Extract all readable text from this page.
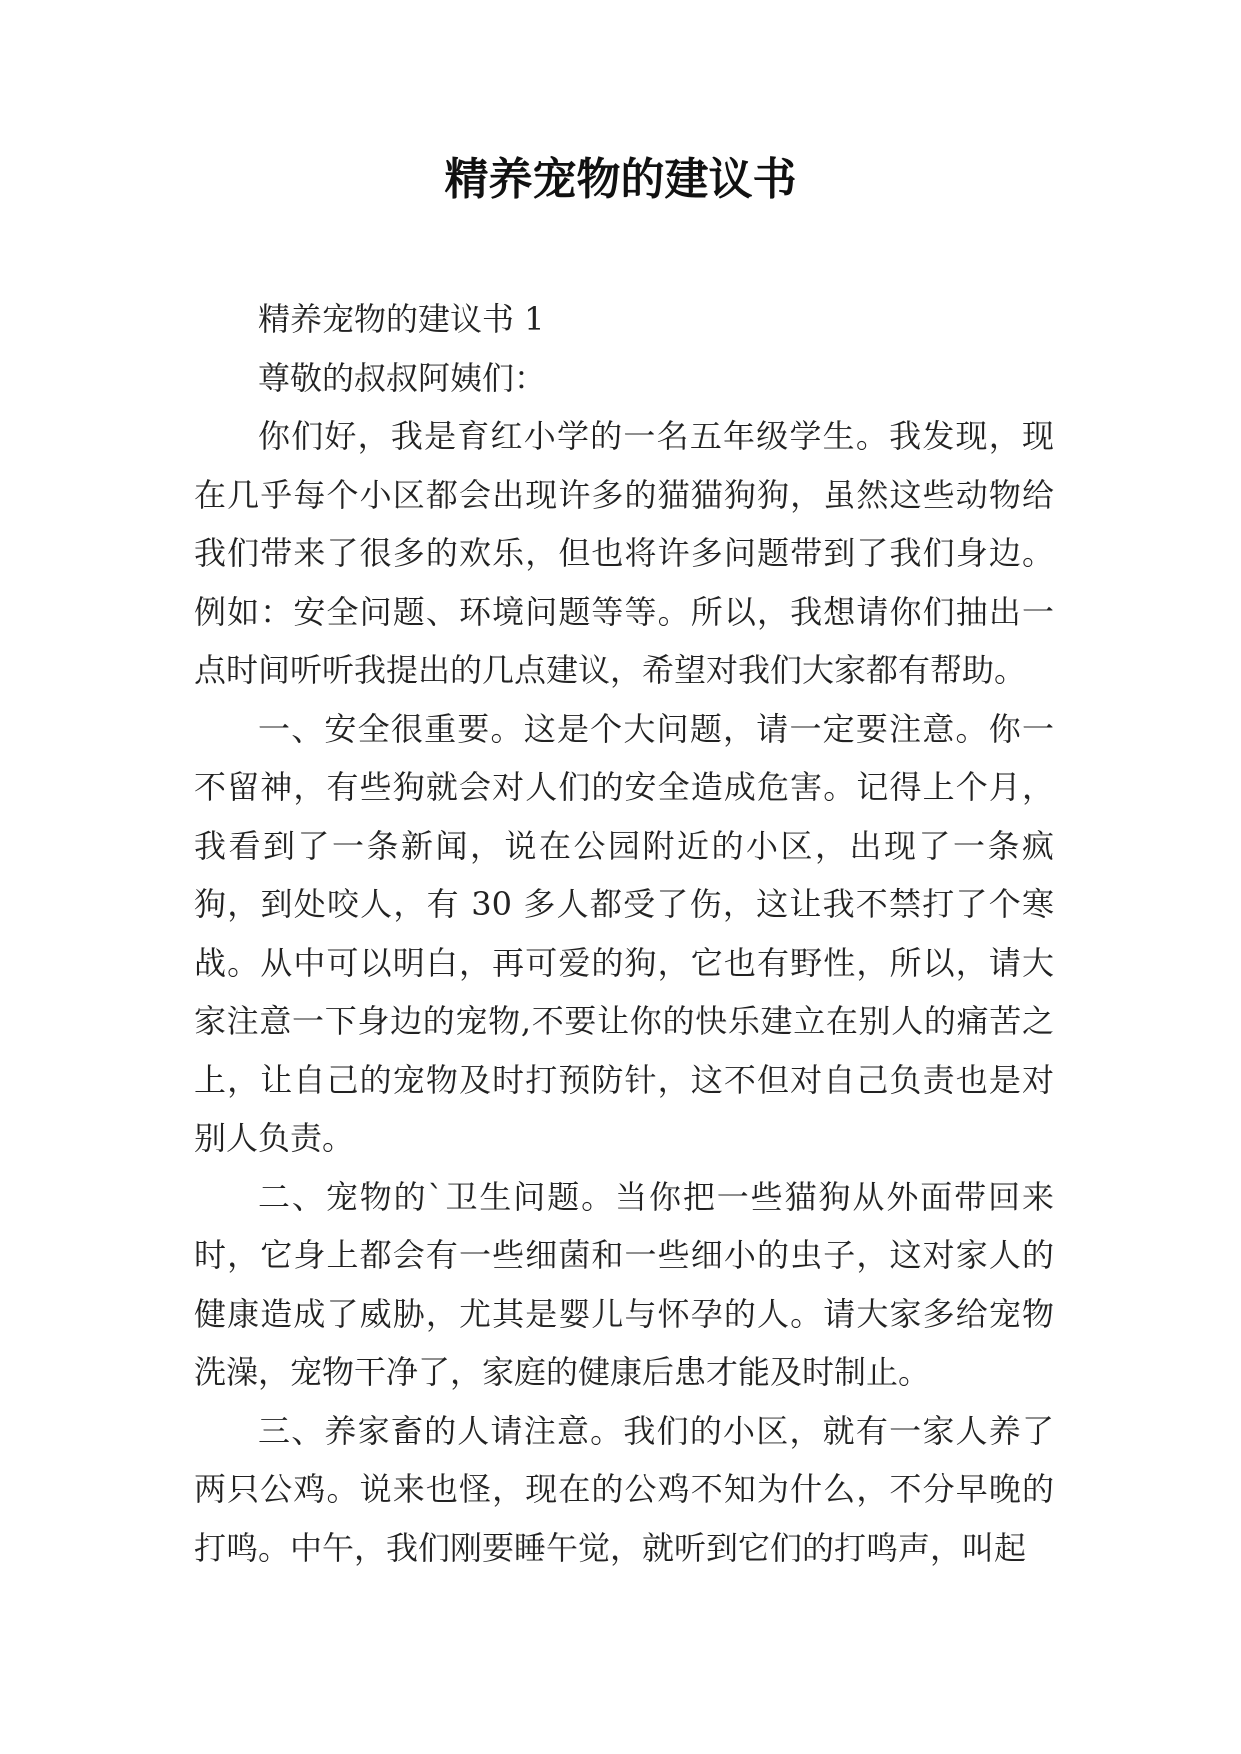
精养宠物的建议书

精养宠物的建议书 1

尊敬的叔叔阿姨们：

你们好，我是育红小学的一名五年级学生。我发现，现在几乎每个小区都会出现许多的猫猫狗狗，虽然这些动物给我们带来了很多的欢乐，但也将许多问题带到了我们身边。例如：安全问题、环境问题等等。所以，我想请你们抽出一点时间听听我提出的几点建议，希望对我们大家都有帮助。

一、安全很重要。这是个大问题，请一定要注意。你一不留神，有些狗就会对人们的安全造成危害。记得上个月，我看到了一条新闻，说在公园附近的小区，出现了一条疯狗，到处咬人，有 30 多人都受了伤，这让我不禁打了个寒战。从中可以明白，再可爱的狗，它也有野性，所以，请大家注意一下身边的宠物,不要让你的快乐建立在别人的痛苦之上，让自己的宠物及时打预防针，这不但对自己负责也是对别人负责。

二、宠物的`卫生问题。当你把一些猫狗从外面带回来时，它身上都会有一些细菌和一些细小的虫子，这对家人的健康造成了威胁，尤其是婴儿与怀孕的人。请大家多给宠物洗澡，宠物干净了，家庭的健康后患才能及时制止。

三、养家畜的人请注意。我们的小区，就有一家人养了两只公鸡。说来也怪，现在的公鸡不知为什么，不分早晚的打鸣。中午，我们刚要睡午觉，就听到它们的打鸣声，叫起
